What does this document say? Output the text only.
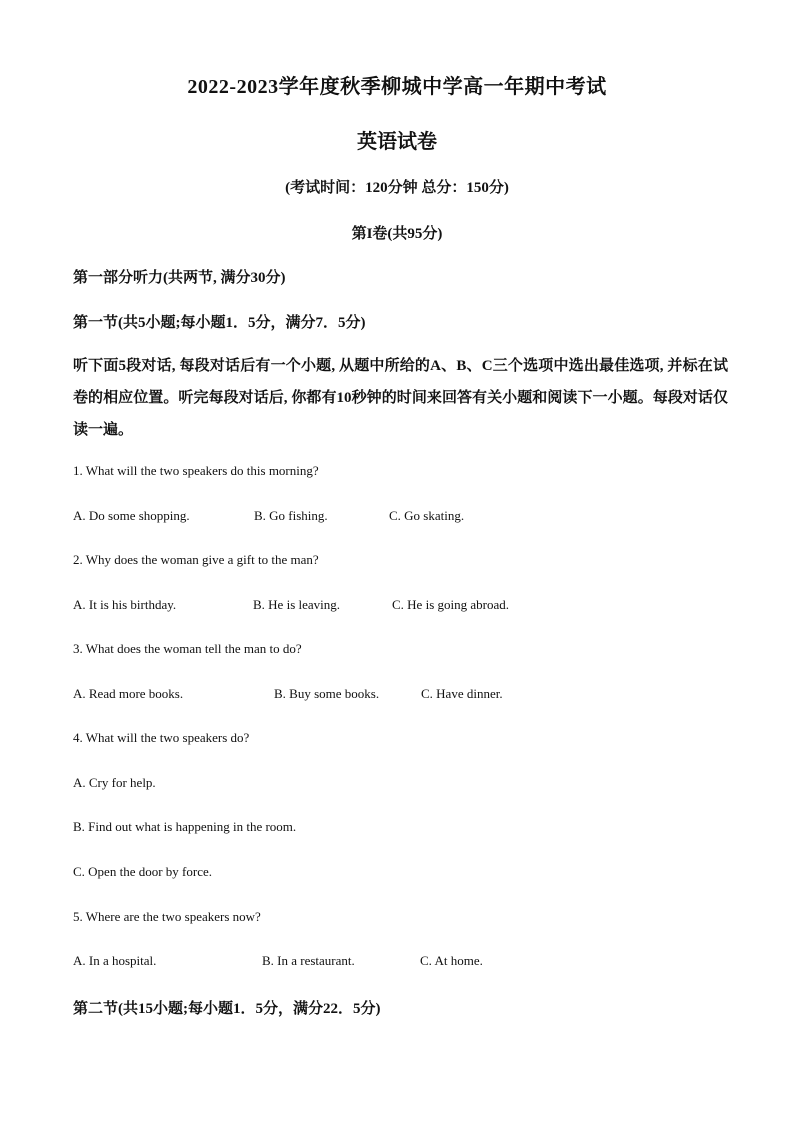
2022-2023学年度秋季柳城中学高一年期中考试
英语试卷
(考试时间：120分钟 总分：150分)
第I卷(共95分)
第一部分听力(共两节, 满分30分)
第一节(共5小题;每小题1．5分，满分7．5分)
听下面5段对话, 每段对话后有一个小题, 从题中所给的A、B、C三个选项中选出最佳选项, 并标在试卷的相应位置。听完每段对话后, 你都有10秒钟的时间来回答有关小题和阅读下一小题。每段对话仅读一遍。
1. What will the two speakers do this morning?
A. Do some shopping.	B. Go fishing.	C. Go skating.
2. Why does the woman give a gift to the man?
A. It is his birthday.	B. He is leaving.	C. He is going abroad.
3. What does the woman tell the man to do?
A. Read more books.	B. Buy some books.	C. Have dinner.
4. What will the two speakers do?
A. Cry for help.
B. Find out what is happening in the room.
C. Open the door by force.
5. Where are the two speakers now?
A. In a hospital.	B. In a restaurant.	C. At home.
第二节(共15小题;每小题1．5分，满分22．5分)
